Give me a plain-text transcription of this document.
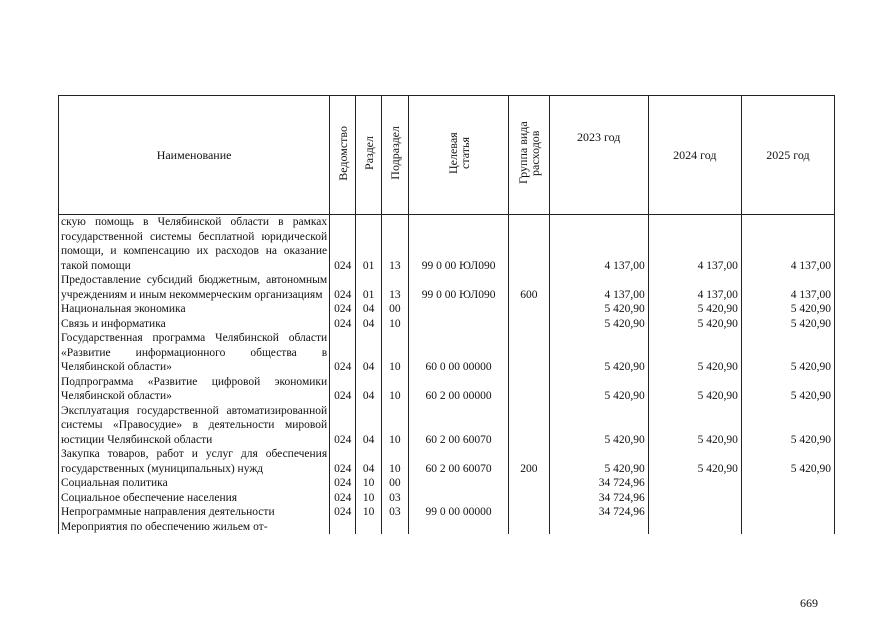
Наименование	Ведомство	Раздел	Подраздел	Целевая статья	Группа вида расходов	2023 год	2024 год	2025 год
скую помощь в Челябинской области в рамках государственной системы бесплатной юридической помощи, и компенсацию их расходов на оказание такой помощи	024	01	13	99 0 00 ЮЛ090		4 137,00	4 137,00	4 137,00
Предоставление субсидий бюджетным, автономным учреждениям и иным некоммерческим организациям	024	01	13	99 0 00 ЮЛ090	600	4 137,00	4 137,00	4 137,00
Национальная экономика	024	04	00			5 420,90	5 420,90	5 420,90
Связь и информатика	024	04	10			5 420,90	5 420,90	5 420,90
Государственная программа Челябинской области «Развитие информационного общества в Челябинской области»	024	04	10	60 0 00 00000		5 420,90	5 420,90	5 420,90
Подпрограмма «Развитие цифровой экономики Челябинской области»	024	04	10	60 2 00 00000		5 420,90	5 420,90	5 420,90
Эксплуатация государственной автоматизированной системы «Правосудие» в деятельности мировой юстиции Челябинской области	024	04	10	60 2 00 60070		5 420,90	5 420,90	5 420,90
Закупка товаров, работ и услуг для обеспечения государственных (муниципальных) нужд	024	04	10	60 2 00 60070	200	5 420,90	5 420,90	5 420,90
Социальная политика	024	10	00			34 724,96		
Социальное обеспечение населения	024	10	03			34 724,96		
Непрограммные направления деятельности	024	10	03	99 0 00 00000		34 724,96		
Мероприятия по обеспечению жильем от-								
669
